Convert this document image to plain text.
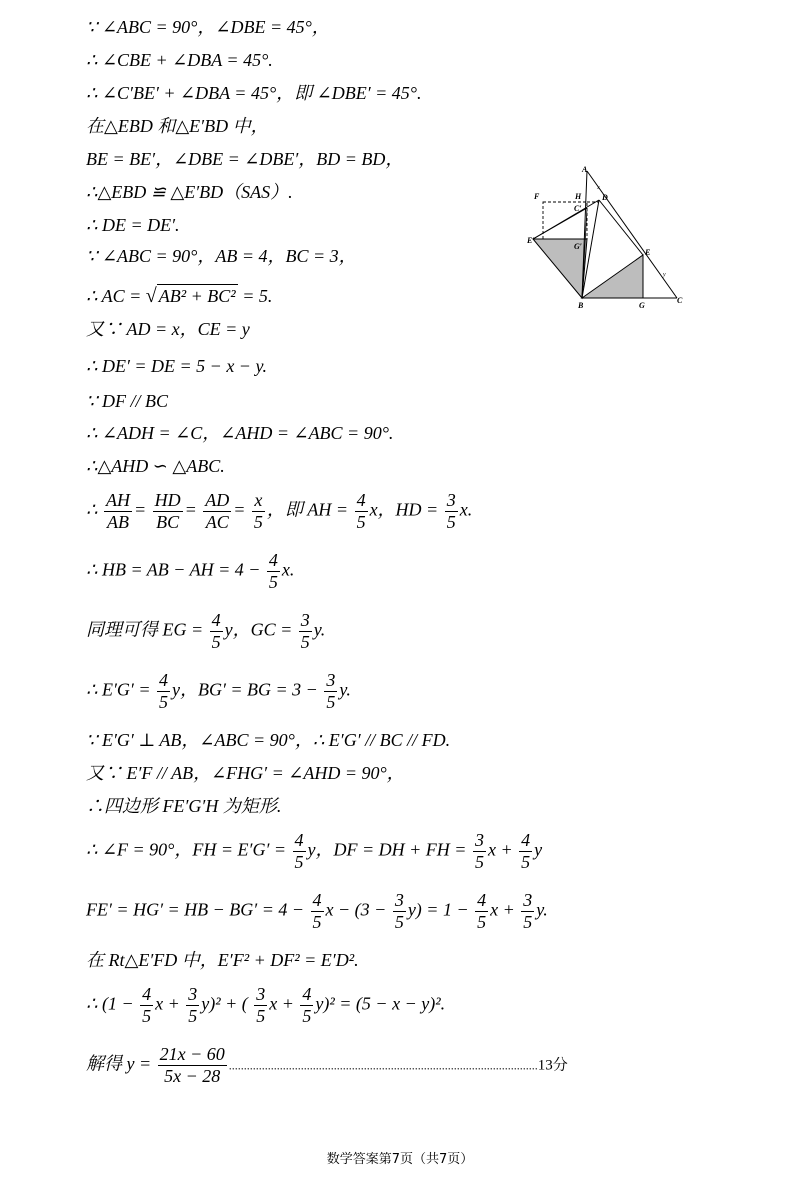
∵ ∠ABC = 90°，∠DBE = 45°，
∴ ∠CBE + ∠DBA = 45°.
∴ ∠C′BE′ + ∠DBA = 45°，即 ∠DBE′ = 45°.
在△EBD 和△E′BD 中，
BE = BE′，∠DBE = ∠DBE′，BD = BD，
∴△EBD ≌ △E′BD（SAS）.
∴ DE = DE′.
∵ ∠ABC = 90°，AB = 4，BC = 3，
∴ AC = √ AB² + BC² = 5.
又∵ AD = x，CE = y
∴ DE′ = DE = 5 − x − y.
∵ DF // BC
∴ ∠ADH = ∠C，∠AHD = ∠ABC = 90°.
∴△AHD ∽ △ABC.
∴ $\frac{AH}{AB} = \frac{HD}{BC} = \frac{AD}{AC} = \frac{x}{5}$ ，即 AH = $\frac{4}{5}$ x，HD = $\frac{3}{5} x$.
∴ HB = AB − AH = $4 - \frac{4}{5} x$.
同理可得 EG = $\frac{4}{5}$ y，GC = $\frac{3}{5} y$.
∴ $E'G' = \frac{4}{5}$ y，BG′ = BG = $3 - \frac{3}{5} y$.
∵ E′G′ ⊥ AB，∠ABC = 90°，∴ E′G′ // BC // FD.
又∵ E′F // AB，∠FHG′ = ∠AHD = 90°，
∴四边形 FE′G′H 为矩形.
∴ ∠F = 90°，FH = $E'G' = \frac{4}{5}$ y，DF = DH + FH = $\frac{3}{5}$ $x + \frac{4}{5}$ y
FE′ = HG′ = HB − $BG' = 4 - \frac{4}{5}$ $x - (3 - \frac{3}{5} y) = 1 - \frac{4}{5}$ $x + \frac{3}{5} y$.
在 Rt△E′FD 中，E′F² + DF² = E′D².
∴ ($1 - \frac{4}{5}$ $x + \frac{3}{5} y)^2$ + ( $\frac{3}{5}$ $x + \frac{4}{5} y)^2 = (5 - x - y)^2$.
解得 $y = \frac{21x - 60}{5x - 28} .......................................................................................................13$分
A
B
C
D
E
F
G
H
C′
E′
G′
x
y
数学答案第7页（共7页）
